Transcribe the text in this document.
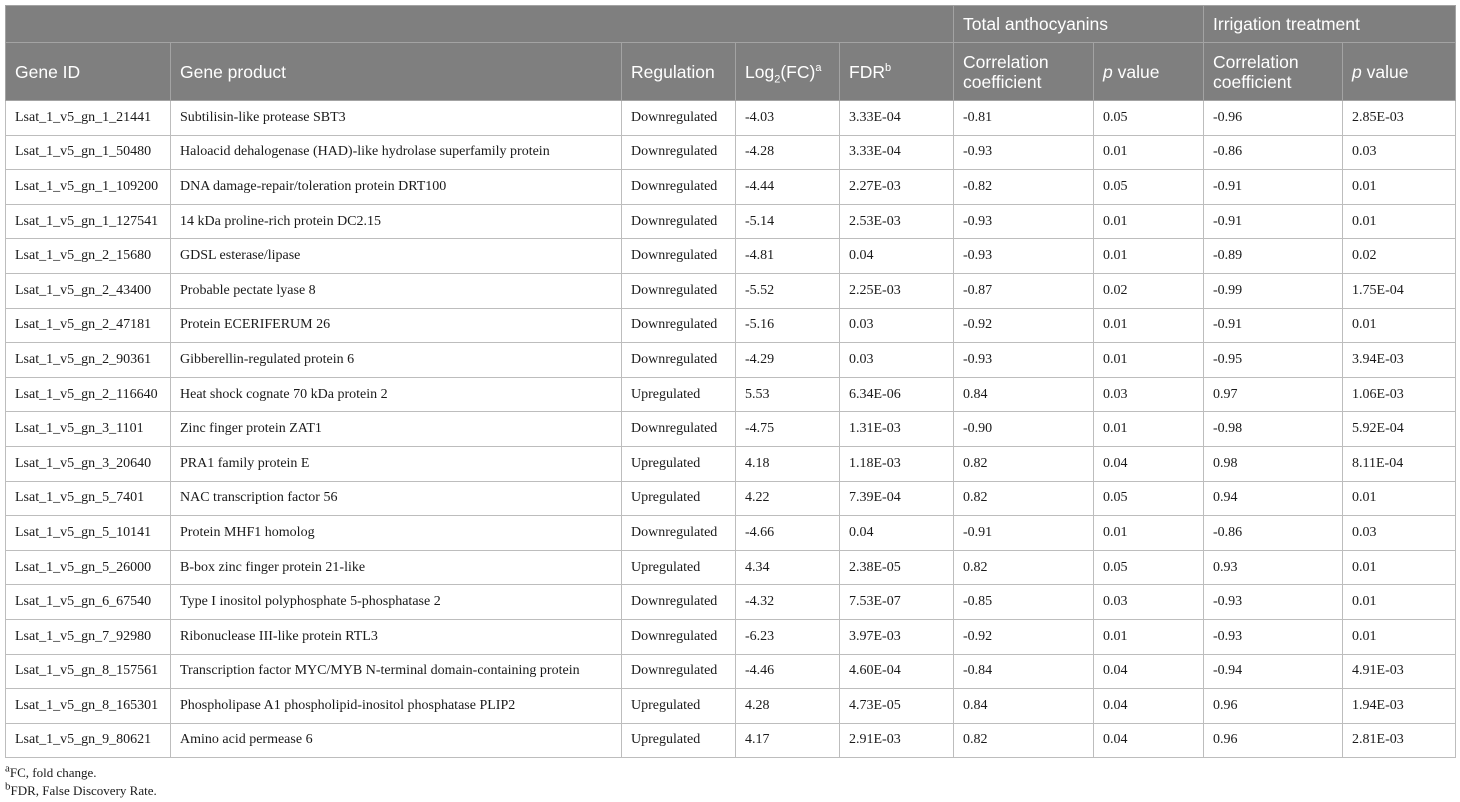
					Total anthocyanins		Irrigation treatment	
Gene ID	Gene product	Regulation	Log$_2$(FC)$^a$	FDR$^b$	Correlation coefficient	p value	Correlation coefficient	p value
Lsat_1_v5_gn_1_21441	Subtilisin-like protease SBT3	Downregulated	-4.03	3.33E-04	-0.81	0.05	-0.96	2.85E-03
Lsat_1_v5_gn_1_50480	Haloacid dehalogenase (HAD)-like hydrolase superfamily protein	Downregulated	-4.28	3.33E-04	-0.93	0.01	-0.86	0.03
Lsat_1_v5_gn_1_109200	DNA damage-repair/toleration protein DRT100	Downregulated	-4.44	2.27E-03	-0.82	0.05	-0.91	0.01
Lsat_1_v5_gn_1_127541	14 kDa proline-rich protein DC2.15	Downregulated	-5.14	2.53E-03	-0.93	0.01	-0.91	0.01
Lsat_1_v5_gn_2_15680	GDSL esterase/lipase	Downregulated	-4.81	0.04	-0.93	0.01	-0.89	0.02
Lsat_1_v5_gn_2_43400	Probable pectate lyase 8	Downregulated	-5.52	2.25E-03	-0.87	0.02	-0.99	1.75E-04
Lsat_1_v5_gn_2_47181	Protein ECERIFERUM 26	Downregulated	-5.16	0.03	-0.92	0.01	-0.91	0.01
Lsat_1_v5_gn_2_90361	Gibberellin-regulated protein 6	Downregulated	-4.29	0.03	-0.93	0.01	-0.95	3.94E-03
Lsat_1_v5_gn_2_116640	Heat shock cognate 70 kDa protein 2	Upregulated	5.53	6.34E-06	0.84	0.03	0.97	1.06E-03
Lsat_1_v5_gn_3_1101	Zinc finger protein ZAT1	Downregulated	-4.75	1.31E-03	-0.90	0.01	-0.98	5.92E-04
Lsat_1_v5_gn_3_20640	PRA1 family protein E	Upregulated	4.18	1.18E-03	0.82	0.04	0.98	8.11E-04
Lsat_1_v5_gn_5_7401	NAC transcription factor 56	Upregulated	4.22	7.39E-04	0.82	0.05	0.94	0.01
Lsat_1_v5_gn_5_10141	Protein MHF1 homolog	Downregulated	-4.66	0.04	-0.91	0.01	-0.86	0.03
Lsat_1_v5_gn_5_26000	B-box zinc finger protein 21-like	Upregulated	4.34	2.38E-05	0.82	0.05	0.93	0.01
Lsat_1_v5_gn_6_67540	Type I inositol polyphosphate 5-phosphatase 2	Downregulated	-4.32	7.53E-07	-0.85	0.03	-0.93	0.01
Lsat_1_v5_gn_7_92980	Ribonuclease III-like protein RTL3	Downregulated	-6.23	3.97E-03	-0.92	0.01	-0.93	0.01
Lsat_1_v5_gn_8_157561	Transcription factor MYC/MYB N-terminal domain-containing protein	Downregulated	-4.46	4.60E-04	-0.84	0.04	-0.94	4.91E-03
Lsat_1_v5_gn_8_165301	Phospholipase A1 phospholipid-inositol phosphatase PLIP2	Upregulated	4.28	4.73E-05	0.84	0.04	0.96	1.94E-03
Lsat_1_v5_gn_9_80621	Amino acid permease 6	Upregulated	4.17	2.91E-03	0.82	0.04	0.96	2.81E-03

$^a$FC, fold change.

$^b$FDR, False Discovery Rate.
